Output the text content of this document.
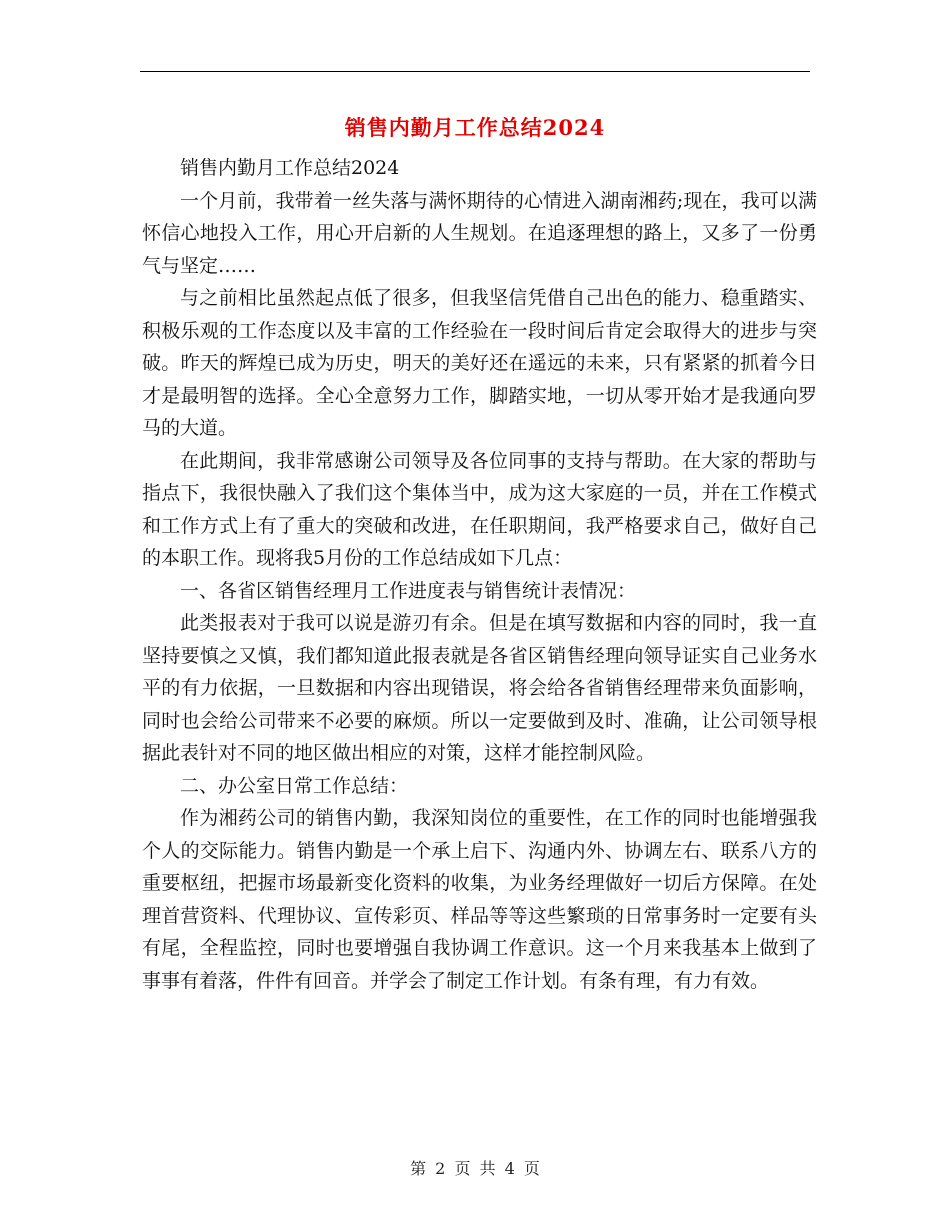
销售内勤月工作总结2024

销售内勤月工作总结2024

一个月前，我带着一丝失落与满怀期待的心情进入湖南湘药;现在，我可以满怀信心地投入工作，用心开启新的人生规划。在追逐理想的路上，又多了一份勇气与坚定……

与之前相比虽然起点低了很多，但我坚信凭借自己出色的能力、稳重踏实、积极乐观的工作态度以及丰富的工作经验在一段时间后肯定会取得大的进步与突破。昨天的辉煌已成为历史，明天的美好还在遥远的未来，只有紧紧的抓着今日才是最明智的选择。全心全意努力工作，脚踏实地，一切从零开始才是我通向罗马的大道。

在此期间，我非常感谢公司领导及各位同事的支持与帮助。在大家的帮助与指点下，我很快融入了我们这个集体当中，成为这大家庭的一员，并在工作模式和工作方式上有了重大的突破和改进，在任职期间，我严格要求自己，做好自己的本职工作。现将我5月份的工作总结成如下几点：

一、各省区销售经理月工作进度表与销售统计表情况：

此类报表对于我可以说是游刃有余。但是在填写数据和内容的同时，我一直坚持要慎之又慎，我们都知道此报表就是各省区销售经理向领导证实自己业务水平的有力依据，一旦数据和内容出现错误，将会给各省销售经理带来负面影响，同时也会给公司带来不必要的麻烦。所以一定要做到及时、准确，让公司领导根据此表针对不同的地区做出相应的对策，这样才能控制风险。

二、办公室日常工作总结：

作为湘药公司的销售内勤，我深知岗位的重要性，在工作的同时也能增强我个人的交际能力。销售内勤是一个承上启下、沟通内外、协调左右、联系八方的重要枢纽，把握市场最新变化资料的收集，为业务经理做好一切后方保障。在处理首营资料、代理协议、宣传彩页、样品等等这些繁琐的日常事务时一定要有头有尾，全程监控，同时也要增强自我协调工作意识。这一个月来我基本上做到了事事有着落，件件有回音。并学会了制定工作计划。有条有理，有力有效。

第 2 页 共 4 页
